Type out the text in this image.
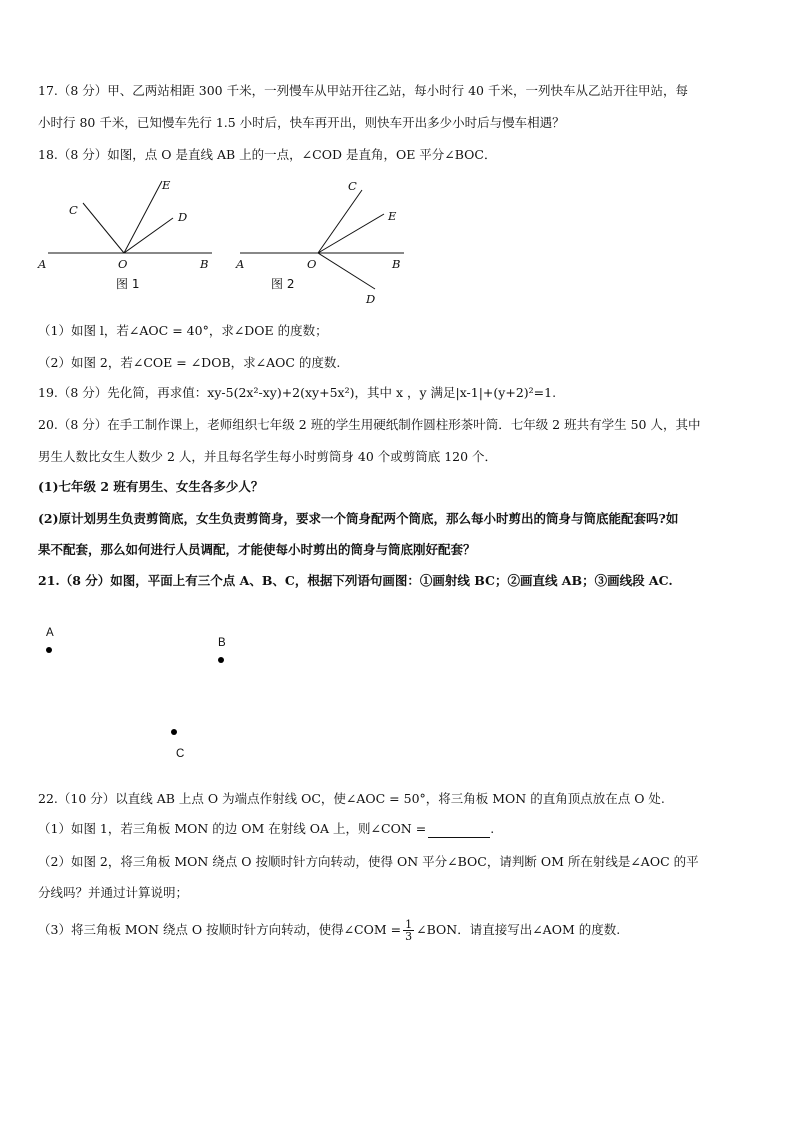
17.（8 分）甲、乙两站相距 300 千米，一列慢车从甲站开往乙站，每小时行 40 千米，一列快车从乙站开往甲站，每
小时行 80 千米，已知慢车先行 1.5 小时后，快车再开出，则快车开出多少小时后与慢车相遇？
18.（8 分）如图，点 O 是直线 AB 上的一点，∠COD 是直角，OE 平分∠BOC．
A	O	B
C	D
E
图 1
A	O	B
C
D
E
图 2
（1）如图 l，若∠AOC = 40°，求∠DOE 的度数；
（2）如图 2，若∠COE = ∠DOB，求∠AOC 的度数.
19.（8 分）先化简，再求值：xy-5(2x²-xy)+2(xy+5x²)，其中 x ，y 满足|x-1|+(y+2)²=1.
20.（8 分）在手工制作课上，老师组织七年级 2 班的学生用硬纸制作圆柱形茶叶筒．七年级 2 班共有学生 50 人，其中
男生人数比女生人数少 2 人，并且每名学生每小时剪筒身 40 个或剪筒底 120 个．
(1)七年级 2 班有男生、女生各多少人？
(2)原计划男生负责剪筒底，女生负责剪筒身，要求一个筒身配两个筒底，那么每小时剪出的筒身与筒底能配套吗?如
果不配套，那么如何进行人员调配，才能使每小时剪出的筒身与筒底刚好配套？
21.（8 分）如图，平面上有三个点 A、B、C，根据下列语句画图：①画射线 BC；②画直线 AB；③画线段 AC.
A
B
C
22.（10 分）以直线 AB 上点 O 为端点作射线 OC，使∠AOC = 50°，将三角板 MON 的直角顶点放在点 O 处.
（1）如图 1，若三角板 MON 的边 OM 在射线 OA 上，则∠CON =	.
（2）如图 2，将三角板 MON 绕点 O 按顺时针方向转动，使得 ON 平分∠BOC，请判断 OM 所在射线是∠AOC 的平
分线吗？并通过计算说明；
（3）将三角板 MON 绕点 O 按顺时针方向转动，使得∠COM = $\frac{1}{3}$ ∠BON．请直接写出∠AOM 的度数.
